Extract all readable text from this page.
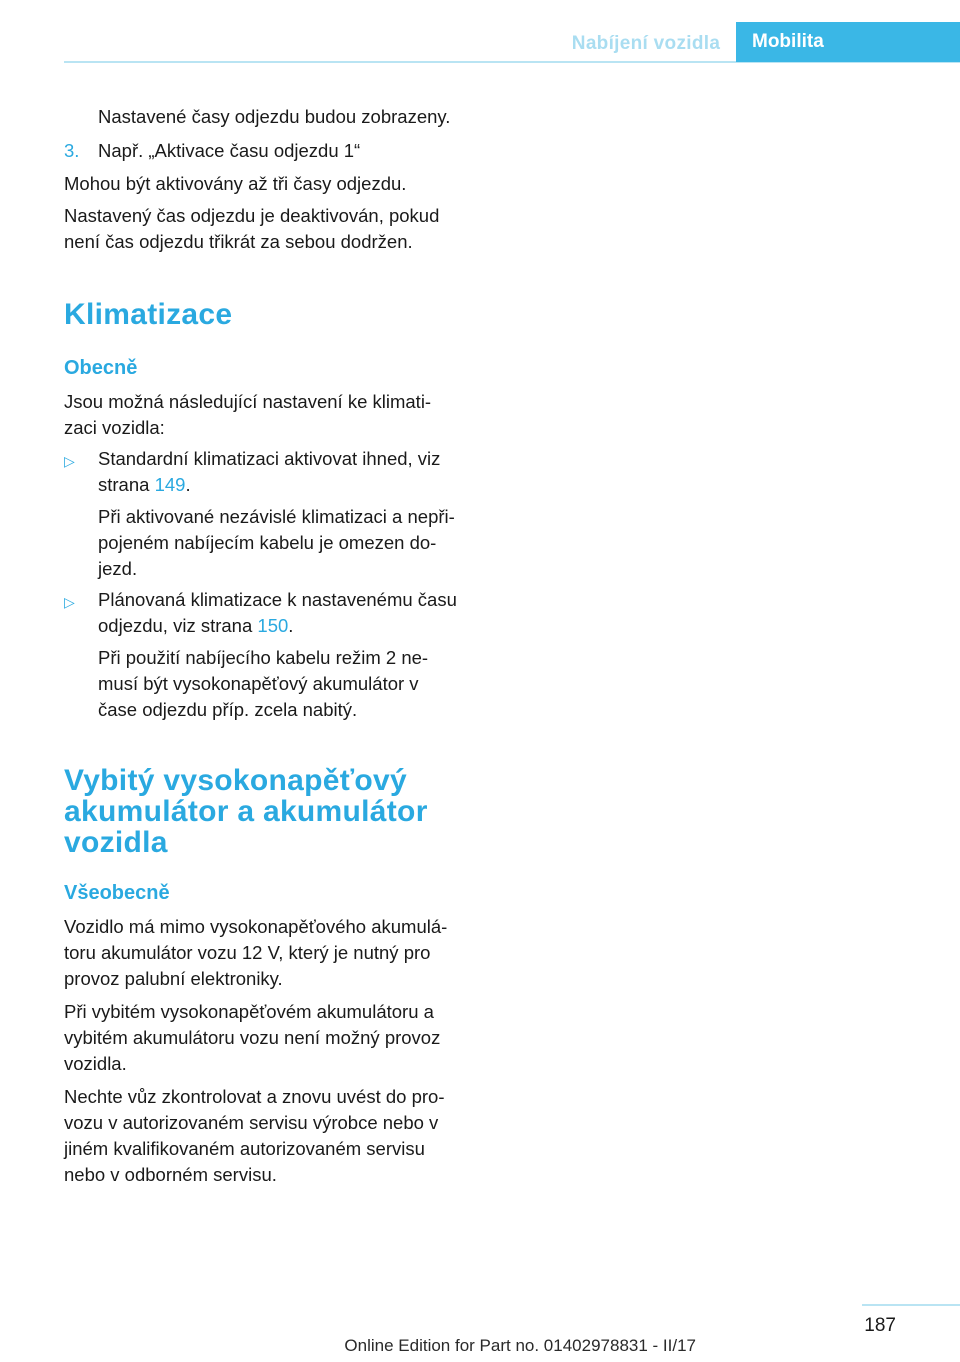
Nabíjení vozidla	Mobilita

Nastavené časy odjezdu budou zobrazeny.

3. Např. „Aktivace času odjezdu 1“

Mohou být aktivovány až tři časy odjezdu.

Nastavený čas odjezdu je deaktivován, pokud

není čas odjezdu třikrát za sebou dodržen.

Klimatizace
Obecně

Jsou možná následující nastavení ke klimati‐

zaci vozidla:

▷ Standardní klimatizaci aktivovat ihned, viz

strana 149.

Při aktivované nezávislé klimatizaci a nepři‐

pojeném nabíjecím kabelu je omezen do‐

jezd.

▷ Plánovaná klimatizace k nastavenému času

odjezdu, viz strana 150.

Při použití nabíjecího kabelu režim 2 ne‐

musí být vysokonapěťový akumulátor v

čase odjezdu příp. zcela nabitý.

Vybitý vysokonapěťový
akumulátor a akumulátor
vozidla
Všeobecně

Vozidlo má mimo vysokonapěťového akumulá‐

toru akumulátor vozu 12 V, který je nutný pro

provoz palubní elektroniky.

Při vybitém vysokonapěťovém akumulátoru a

vybitém akumulátoru vozu není možný provoz

vozidla.

Nechte vůz zkontrolovat a znovu uvést do pro‐

vozu v autorizovaném servisu výrobce nebo v

jiném kvalifikovaném autorizovaném servisu

nebo v odborném servisu.

187
Online Edition for Part no. 01402978831 - II/17
